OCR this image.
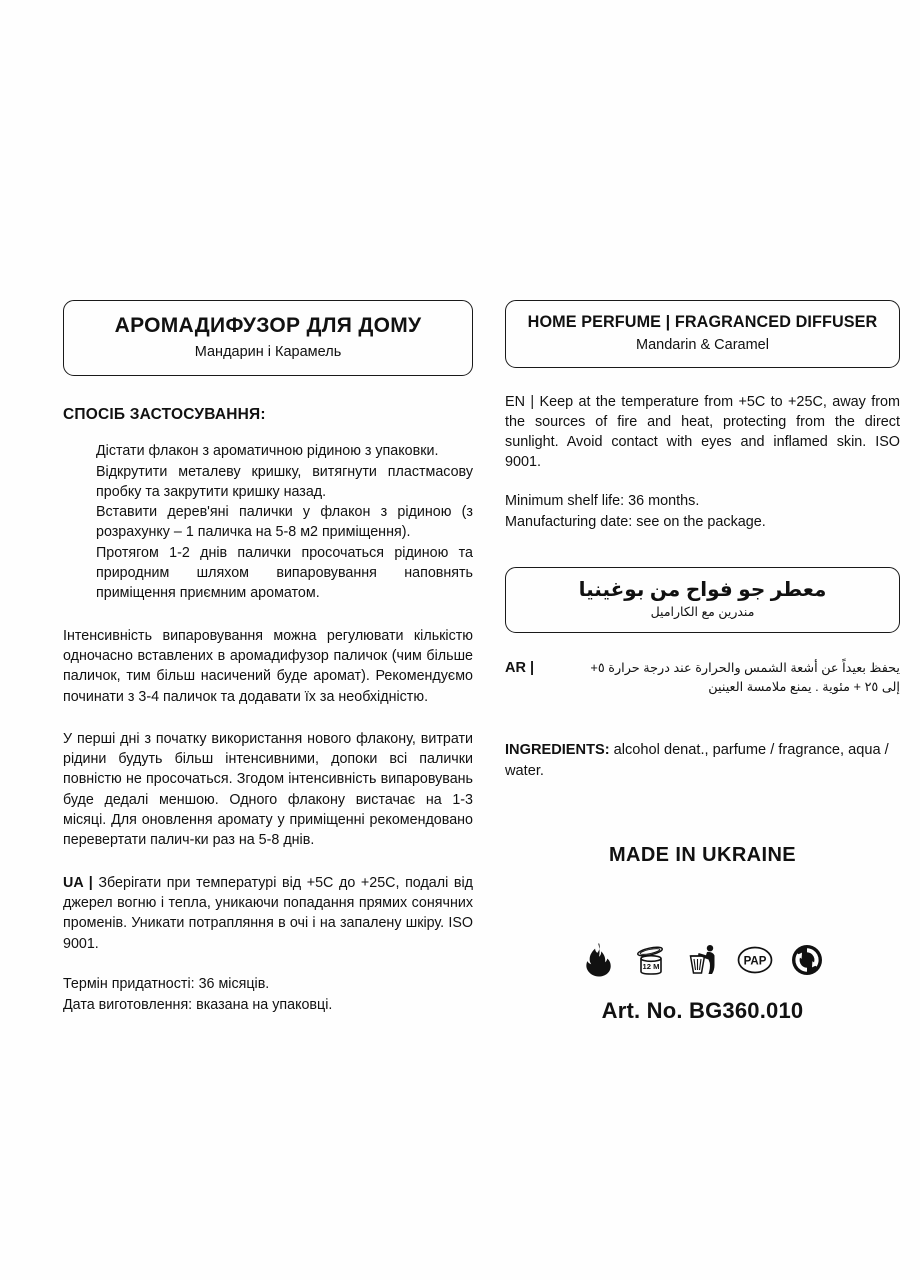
АРОМАДИФУЗОР ДЛЯ ДОМУ

Мандарин і Карамель

СПОСІБ ЗАСТОСУВАННЯ:
Дістати флакон з ароматичною рідиною з упаковки.
Відкрутити металеву кришку, витягнути пластмасову пробку та закрутити кришку назад.
Вставити дерев'яні палички у флакон з рідиною (з розрахунку – 1 паличка на 5-8 м2 приміщення).
Протягом 1-2 днів палички просочаться рідиною та природним шляхом випаровування наповнять приміщення приємним ароматом.

Інтенсивність випаровування можна регулювати кількістю одночасно вставлених в аромадифузор паличок (чим більше паличок, тим більш насичений буде аромат). Рекомендуємо починати з 3-4 паличок та додавати їх за необхідністю.

У перші дні з початку використання нового флакону, витрати рідини будуть більш інтенсивними, допоки всі палички повністю не просочаться. Згодом інтенсивність випаровувань буде дедалі меншою. Одного флакону вистачає на 1-3 місяці. Для оновлення аромату у приміщенні рекомендовано перевертати палич-ки раз на 5-8 днів.

UA | Зберігати при температурі від +5С до +25С, подалі від джерел вогню і тепла, уникаючи попадання прямих сонячних променів. Уникати потрапляння в очі і на запалену шкіру. ISO 9001.

Термін придатності: 36 місяців.
Дата виготовлення: вказана на упаковці.

HOME PERFUME | FRAGRANCED DIFFUSER

Mandarin & Caramel

EN | Keep at the temperature from +5C to +25C, away from the sources of fire and heat, protecting from the direct sunlight. Avoid contact with eyes and inflamed skin. ISO 9001.

Minimum shelf life: 36 months.
Manufacturing date: see on the package.

معطر جو فواح من بوغينيا

مندرين مع الكاراميل

AR |	يحفظ بعيداً عن أشعة الشمس والحرارة عند درجة حرارة ٥+
إلى ٢٥ + مئوية . يمنع ملامسة العينين

INGREDIENTS: alcohol denat., parfume / fragrance, aqua / water.

MADE IN UKRAINE

12 M	PAP

Art. No. BG360.010
